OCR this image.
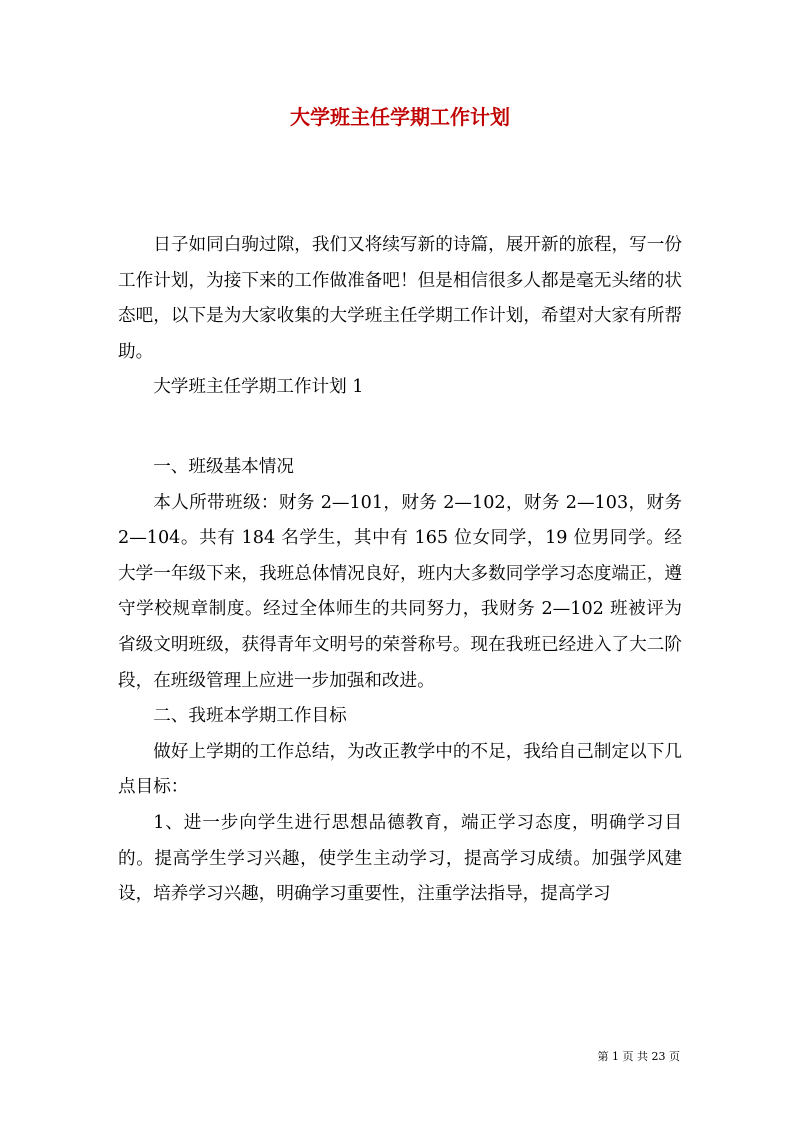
大学班主任学期工作计划

日子如同白驹过隙，我们又将续写新的诗篇，展开新的旅程，写一份工作计划，为接下来的工作做准备吧！但是相信很多人都是毫无头绪的状态吧，以下是为大家收集的大学班主任学期工作计划，希望对大家有所帮助。

大学班主任学期工作计划 1

一、班级基本情况

本人所带班级：财务 2—101，财务 2—102，财务 2—103，财务 2—104。共有 184 名学生，其中有 165 位女同学，19 位男同学。经大学一年级下来，我班总体情况良好，班内大多数同学学习态度端正，遵守学校规章制度。经过全体师生的共同努力，我财务 2—102 班被评为省级文明班级，获得青年文明号的荣誉称号。现在我班已经进入了大二阶段，在班级管理上应进一步加强和改进。

二、我班本学期工作目标

做好上学期的工作总结，为改正教学中的不足，我给自己制定以下几点目标：

1、进一步向学生进行思想品德教育，端正学习态度，明确学习目的。提高学生学习兴趣，使学生主动学习，提高学习成绩。加强学风建设，培养学习兴趣，明确学习重要性，注重学法指导，提高学习

第 1 页 共 23 页
